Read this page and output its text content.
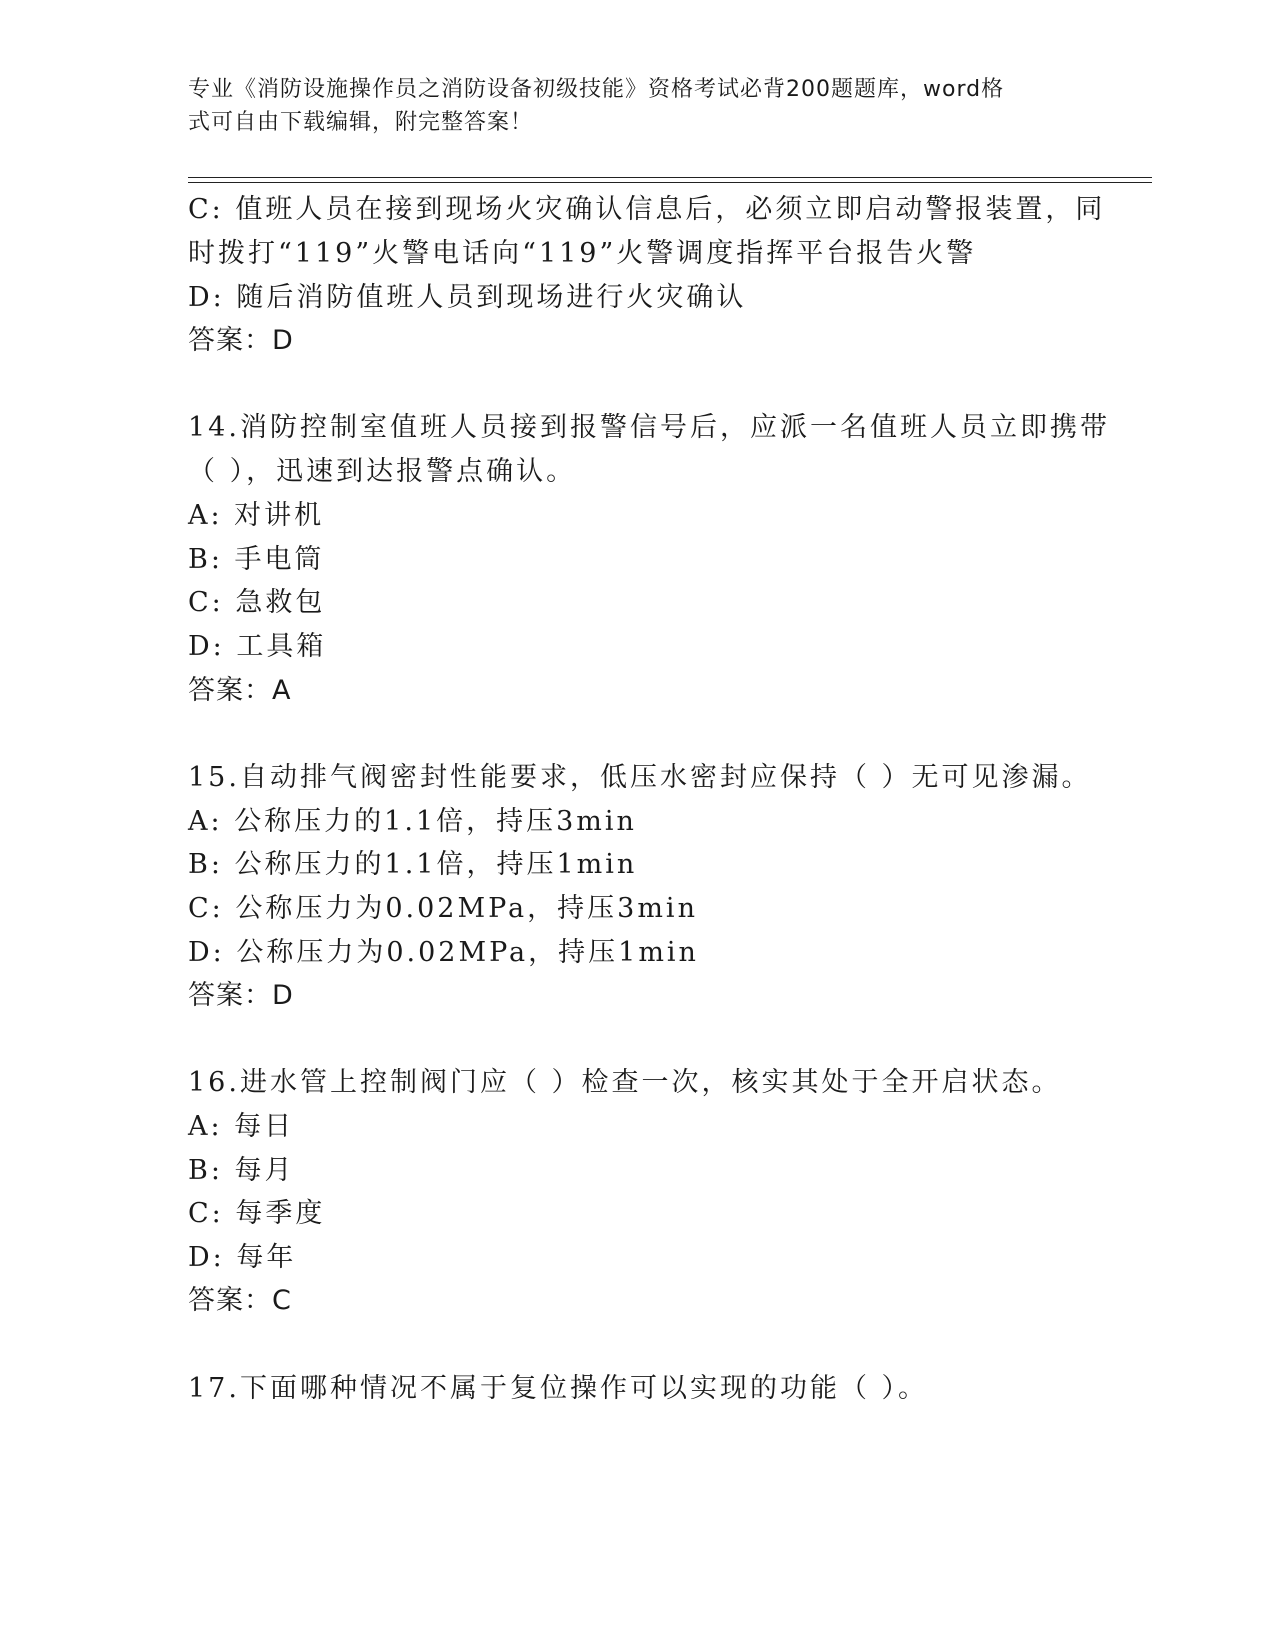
专业《消防设施操作员之消防设备初级技能》资格考试必背200题题库，word格
式可自由下载编辑，附完整答案！
C: 值班人员在接到现场火灾确认信息后，必须立即启动警报装置，同
时拨打“119”火警电话向“119”火警调度指挥平台报告火警
D: 随后消防值班人员到现场进行火灾确认
答案：D
14.消防控制室值班人员接到报警信号后，应派一名值班人员立即携带
（ ），迅速到达报警点确认。
A: 对讲机
B: 手电筒
C: 急救包
D: 工具箱
答案：A
15.自动排气阀密封性能要求，低压水密封应保持（ ）无可见渗漏。
A: 公称压力的1.1倍，持压3min
B: 公称压力的1.1倍，持压1min
C: 公称压力为0.02MPa，持压3min
D: 公称压力为0.02MPa，持压1min
答案：D
16.进水管上控制阀门应（ ）检查一次，核实其处于全开启状态。
A: 每日
B: 每月
C: 每季度
D: 每年
答案：C
17.下面哪种情况不属于复位操作可以实现的功能（ ）。
